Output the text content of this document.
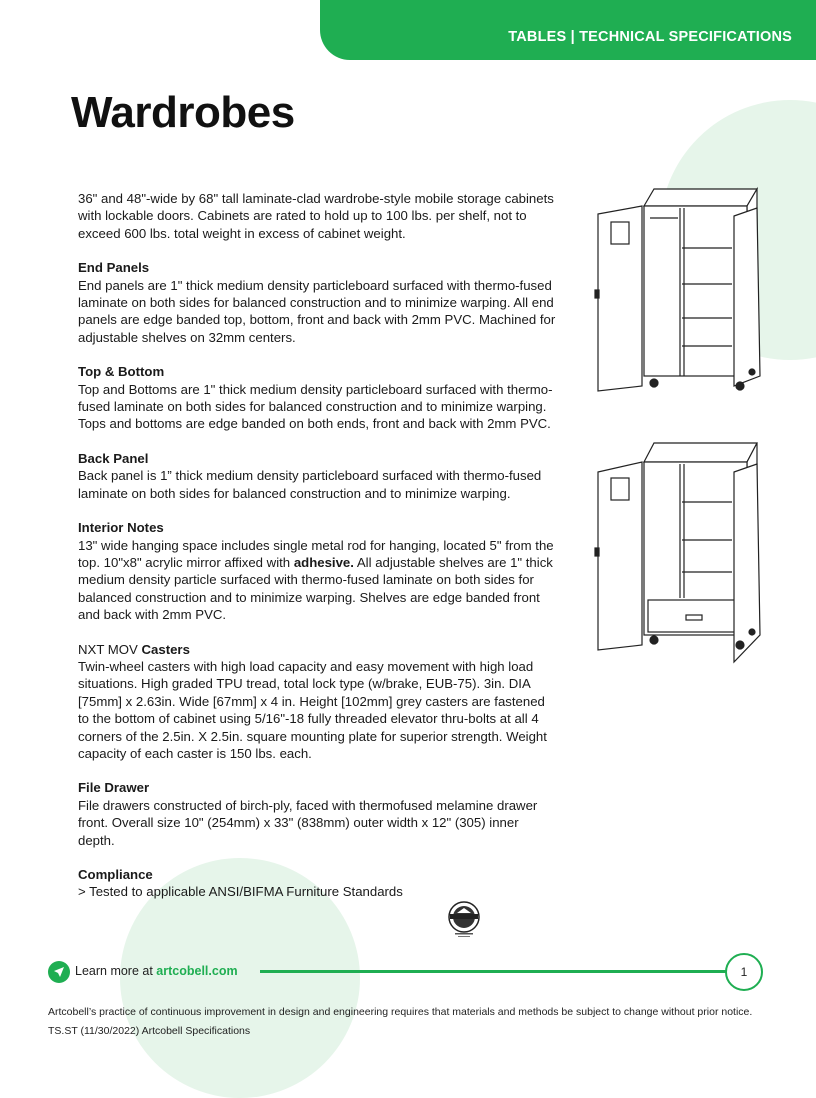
TABLES | TECHNICAL SPECIFICATIONS
Wardrobes

36" and 48"-wide by 68" tall laminate-clad wardrobe-style mobile storage cabinets with lockable doors. Cabinets are rated to hold up to 100 lbs. per shelf, not to exceed 600 lbs. total weight in excess of cabinet weight.

End Panels

End panels are 1" thick medium density particleboard surfaced with thermo-fused laminate on both sides for balanced construction and to minimize warping. All end panels are edge banded top, bottom, front and back with 2mm PVC. Machined for adjustable shelves on 32mm centers.

Top & Bottom

Top and Bottoms are 1" thick medium density particleboard surfaced with thermo-fused laminate on both sides for balanced construction and to minimize warping. Tops and bottoms are edge banded on both ends, front and back with 2mm PVC.

Back Panel

Back panel is 1” thick medium density particleboard surfaced with thermo-fused laminate on both sides for balanced construction and to minimize warping.

Interior Notes

13" wide hanging space includes single metal rod for hanging, located 5" from the top. 10"x8" acrylic mirror affixed with adhesive. All adjustable shelves are 1" thick medium density particle surfaced with thermo-fused laminate on both sides for balanced construction and to minimize warping. Shelves are edge banded front and back with 2mm PVC.

NXT MOV Casters

Twin-wheel casters with high load capacity and easy movement with high load situations. High graded TPU tread, total lock type (w/brake, EUB-75). 3in. DIA [75mm] x 2.63in. Wide [67mm] x 4 in. Height [102mm] grey casters are fastened to the bottom of cabinet using 5/16"-18 fully threaded elevator thru-bolts at all 4 corners of the 2.5in. X 2.5in. square mounting plate for superior strength. Weight capacity of each caster is 150 lbs. each.

File Drawer

File drawers constructed of birch-ply, faced with thermofused melamine drawer front. Overall size 10" (254mm) x 33" (838mm) outer width x 12" (305) inner depth.

Compliance

> Tested to applicable ANSI/BIFMA Furniture Standards

Learn more at artcobell.com	1
Artcobell’s practice of continuous improvement in design and engineering requires that materials and methods be subject to change without prior notice.
TS.ST (11/30/2022) Artcobell Specifications
